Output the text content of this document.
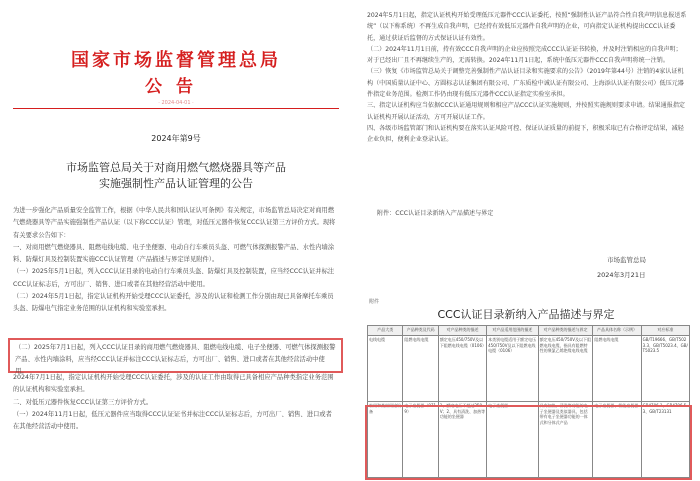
国家市场监督管理总局
公告
· 2024-04-01 ·
2024年第9号
市场监管总局关于对商用燃气燃烧器具等产品
实施强制性产品认证管理的公告
为进一步强化产品质量安全监管工作，根据《中华人民共和国认证认可条例》有关规定，市场监管总局决定对商用燃气燃烧器具等产品实施强制性产品认证（以下称CCC认证）管理，对低压元器件恢复CCC认证第三方评价方式。现将有关要求公告如下：
一、对商用燃气燃烧器具、阻燃电线电缆、电子坐便器、电动自行车乘员头盔、可燃气体探测报警产品、水性内墙涂料、防爆灯具及控制装置实施CCC认证管理（产品描述与界定详见附件）。
（一）2025年5月1日起，列入CCC认证目录的电动自行车乘员头盔、防爆灯具及控制装置，应当经CCC认证并标注CCC认证标志后，方可出厂、销售、进口或者在其他经营活动中使用。
（二）2024年5月1日起，指定认证机构开始受理CCC认证委托，涉及的认证和检测工作分别由现已具备摩托车乘员头盔、防爆电气指定业务范围的认证机构和实验室承担。
（二）2025年7月1日起，列入CCC认证目录的商用燃气燃烧器具、阻燃电线电缆、电子坐便器、可燃气体探测报警产品、水性内墙涂料，应当经CCC认证并标注CCC认证标志后，方可出厂、销售、进口或者在其他经营活动中使用。
2024年7月1日起，指定认证机构开始受理CCC认证委托，涉及的认证工作由取得已具备相应产品种类指定业务范围的认证机构和实验室承担。
二、对低压元器件恢复CCC认证第三方评价方式。
（一）2024年11月1日起，低压元器件应当取得CCC认证证书并标注CCC认证标志后，方可出厂、销售、进口或者在其他经营活动中使用。
2024年5月1日起，指定认证机构开始受理低压元器件CCC认证委托，按照“强制性认证产品符合性自我声明信息报送系统”（以下称系统）不再生成自我声明，已经持有效低压元器件自我声明的企业，可向指定认证机构提出CCC认证委托，通过获证后监督的方式保证认证有效性。
（二）2024年11月1日前，持有效CCC自我声明的企业应按照完成CCC认证证书转换，并及时注销相应的自我声明；对于已经出厂且不再继续生产的，无需转换。2024年11月1日起，系统中低压元器件CCC自我声明将统一注销。
（三）恢复《市场监管总局关于调整完善强制性产品认证目录和实施要求的公告》（2019年第44号）注销的4家认证机构（中国质量认证中心、方圆标志认证集团有限公司、广东质检中诚认证有限公司、上海添认认证有限公司）低压元器件指定业务范围。检测工作仍由现有低压元器件CCC认证指定实验室承担。
三、指定认证机构应当依据CCC认证通用规则和相应产品CCC认证实施规则，并按照实施规则要求申请。结果通报指定认证机构开展认证活动，方可开展认证工作。
四、各级市场监管部门和认证机构要在落实认证风险可控、保证认证质量的前提下，积极采取已有合格评定结果，减轻企业负担，便利企业登录认证。
附件：CCC认证目录新纳入产品描述与界定
市场监管总局
2024年3月21日
附件
CCC认证目录新纳入产品描述与界定
产品大类	产品种类及代码	对产品种类的描述	对产品适用范围的描述	对产品种类的描述与界定	产品具体名称（示例）	对应标准
电线电缆	阻燃电线电缆	额定电压450/750V及以下阻燃电线电缆（0106）	本类别电缆适用于额定电压450/750V及以下阻燃电线电缆（0106）	额定电压450/750V及以下阻燃电线电缆，指具有阻燃特性的聚氯乙烯绝缘电线电缆	阻燃电线电缆	GB/T19666、GB/T5023.3、GB/T5023.4、GB/T5023.5
家用和类似用途设备	电子坐便器（0719）	1、额定电压不超过250V；2、具有清洗、加热等功能的坐便器	电子坐便器	具有加热、清洗等功能的电子坐便器及类似器具，包括带有电子坐便器功能的一体式和分体式产品	电子坐便器、智能坐便器	GB4706.1、GB4706.53、GB/T23131
